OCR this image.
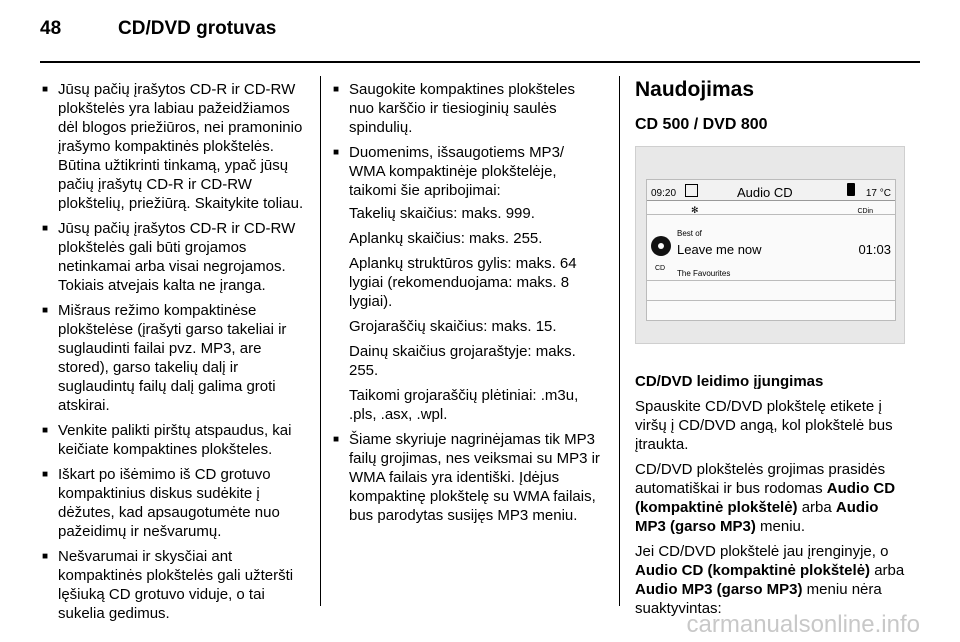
48	CD/DVD grotuvas
■ Jūsų pačių įrašytos CD-R ir CD-RW plokštelės yra labiau pažeidžiamos dėl blogos priežiūros, nei pramoninio įrašymo kompaktinės plokštelės. Būtina užtikrinti tinkamą, ypač jūsų pačių įrašytų CD-R ir CD-RW plokštelių, priežiūrą. Skaitykite toliau.
■ Jūsų pačių įrašytos CD-R ir CD-RW plokštelės gali būti grojamos netinkamai arba visai negrojamos. Tokiais atvejais kalta ne įranga.
■ Mišraus režimo kompaktinėse plokštelėse (įrašyti garso takeliai ir suglaudinti failai pvz. MP3, are stored), garso takelių dalį ir suglaudintų failų dalį galima groti atskirai.
■ Venkite palikti pirštų atspaudus, kai keičiate kompaktines plokšteles.
■ Iškart po išėmimo iš CD grotuvo kompaktinius diskus sudėkite į dėžutes, kad apsaugotumėte nuo pažeidimų ir nešvarumų.
■ Nešvarumai ir skysčiai ant kompaktinės plokštelės gali užteršti lęšiuką CD grotuvo viduje, o tai sukelia gedimus.
■ Saugokite kompaktines plokšteles nuo karščio ir tiesioginių saulės spindulių.
■ Duomenims, išsaugotiems MP3/ WMA kompaktinėje plokštelėje, taikomi šie apribojimai:
Takelių skaičius: maks. 999.
Aplankų skaičius: maks. 255.
Aplankų struktūros gylis: maks. 64 lygiai (rekomenduojama: maks. 8 lygiai).
Grojaraščių skaičius: maks. 15.
Dainų skaičius grojaraštyje: maks. 255.
Taikomi grojaraščių plėtiniai: .m3u, .pls, .asx, .wpl.
■ Šiame skyriuje nagrinėjamas tik MP3 failų grojimas, nes veiksmai su MP3 ir WMA failais yra identiški. Įdėjus kompaktinę plokštelę su WMA failais, bus parodytas susijęs MP3 meniu.
Naudojimas
CD 500 / DVD 800
09:20	Audio CD	17 °C
✻	CDin
Best of
CD
Leave me now	01:03
The Favourites
CD/DVD leidimo įjungimas
Spauskite CD/DVD plokštelę etikete į viršų į CD/DVD angą, kol plokštelė bus įtraukta.
CD/DVD plokštelės grojimas prasidės automatiškai ir bus rodomas Audio CD (kompaktinė plokštelė) arba Audio MP3 (garso MP3) meniu.
Jei CD/DVD plokštelė jau įrenginyje, o Audio CD (kompaktinė plokštelė) arba Audio MP3 (garso MP3) meniu nėra suaktyvintas:
carmanualsonline.info
